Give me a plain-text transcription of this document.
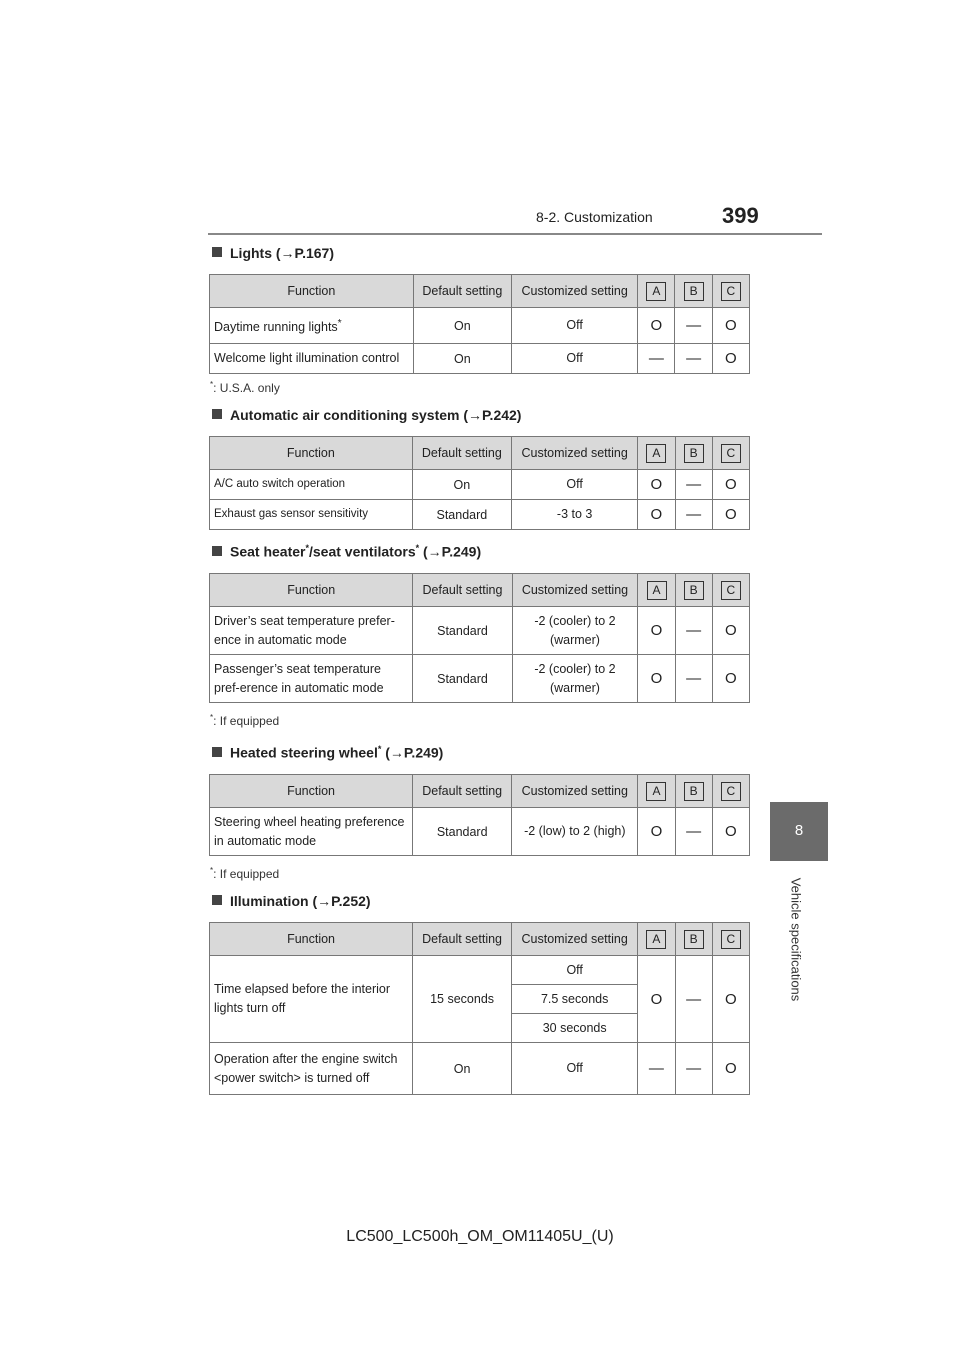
8-2. Customization	399
8
Vehicle specifications
Lights (→P.167)
Function	Default setting	Customized setting	A	B	C
Daytime running lights*	On	Off	O	—	O
Welcome light illumination control	On	Off	—	—	O
*: U.S.A. only
Automatic air conditioning system (→P.242)
Function	Default setting	Customized setting	A	B	C
A/C auto switch operation	On	Off	O	—	O
Exhaust gas sensor sensitivity	Standard	-3 to 3	O	—	O
Seat heater*/seat ventilators* (→P.249)
Function	Default setting	Customized setting	A	B	C
Driver’s seat temperature prefer-ence in automatic mode	Standard	-2 (cooler) to 2 (warmer)	O	—	O
Passenger’s seat temperature pref-erence in automatic mode	Standard	-2 (cooler) to 2 (warmer)	O	—	O
*: If equipped
Heated steering wheel* (→P.249)
Function	Default setting	Customized setting	A	B	C
Steering wheel heating preference in automatic mode	Standard	-2 (low) to 2 (high)	O	—	O
*: If equipped
Illumination (→P.252)
Function	Default setting	Customized setting	A	B	C
Time elapsed before the interior lights turn off	15 seconds	Off	O	—	O
		7.5 seconds			
		30 seconds			
Operation after the engine switch <power switch> is turned off	On	Off	—	—	O
LC500_LC500h_OM_OM11405U_(U)
